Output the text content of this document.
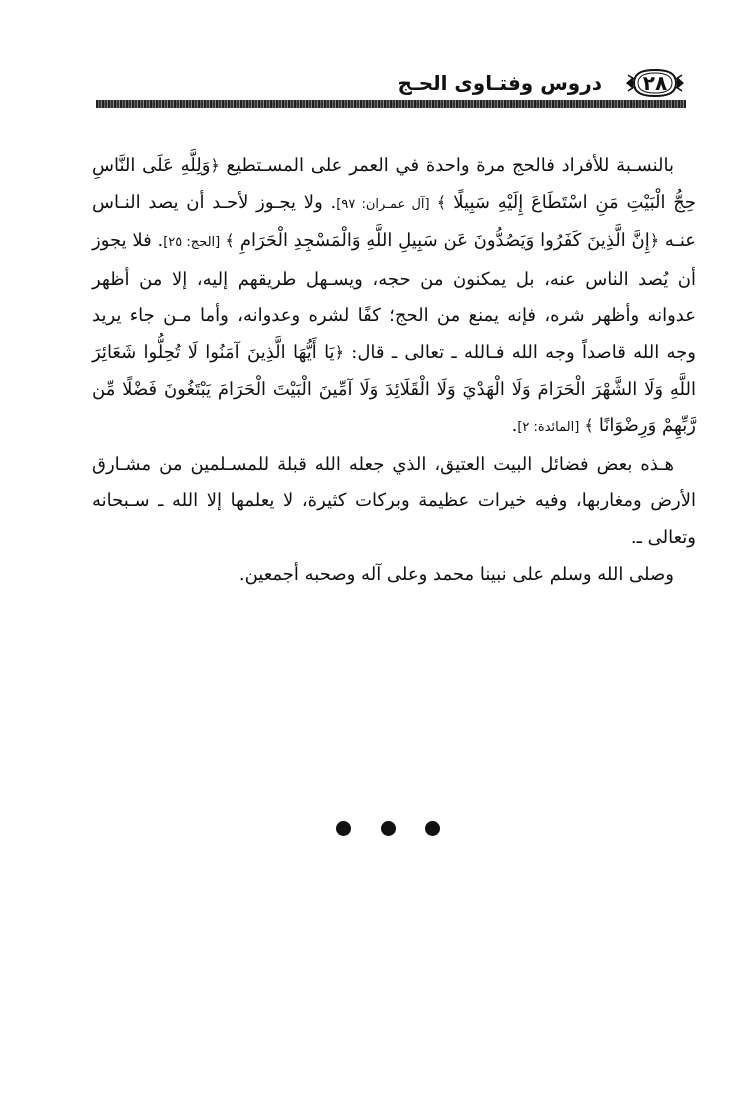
٢٨
دروس وفتـاوى الحـج

بالنسـبة للأفراد فالحج مرة واحدة في العمر على المسـتطيع ﴿وَلِلَّهِ عَلَى النَّاسِ حِجُّ الْبَيْتِ مَنِ اسْتَطَاعَ إِلَيْهِ سَبِيلًا ﴾ [آل عمـران: ٩٧]. ولا يجـوز لأحـد أن يصد النـاس عنـه ﴿إِنَّ الَّذِينَ كَفَرُوا وَيَصُدُّونَ عَن سَبِيلِ اللَّهِ وَالْمَسْجِدِ الْحَرَامِ ﴾ [الحج: ٢٥]. فلا يجوز أن يُصد الناس عنه، بل يمكنون من حجه، ويسـهل طريقهم إليه، إلا من أظهر عدوانه وأظهر شره، فإنه يمنع من الحج؛ كفًا لشره وعدوانه، وأما مـن جاء يريد وجه الله قاصداً وجه الله فـالله ـ تعالى ـ قال: ﴿يَا أَيُّهَا الَّذِينَ آمَنُوا لَا تُحِلُّوا شَعَائِرَ اللَّهِ وَلَا الشَّهْرَ الْحَرَامَ وَلَا الْهَدْيَ وَلَا الْقَلَائِدَ وَلَا آمِّينَ الْبَيْتَ الْحَرَامَ يَبْتَغُونَ فَضْلًا مِّن رَّبِّهِمْ وَرِضْوَانًا ﴾ [المائدة: ٢].

هـذه بعض فضائل البيت العتيق، الذي جعله الله قبلة للمسـلمين من مشـارق الأرض ومغاربها، وفيه خيرات عظيمة وبركات كثيرة، لا يعلمها إلا الله ـ سـبحانه وتعالى ـ.

وصلى الله وسلم على نبينا محمد وعلى آله وصحبه أجمعين.
